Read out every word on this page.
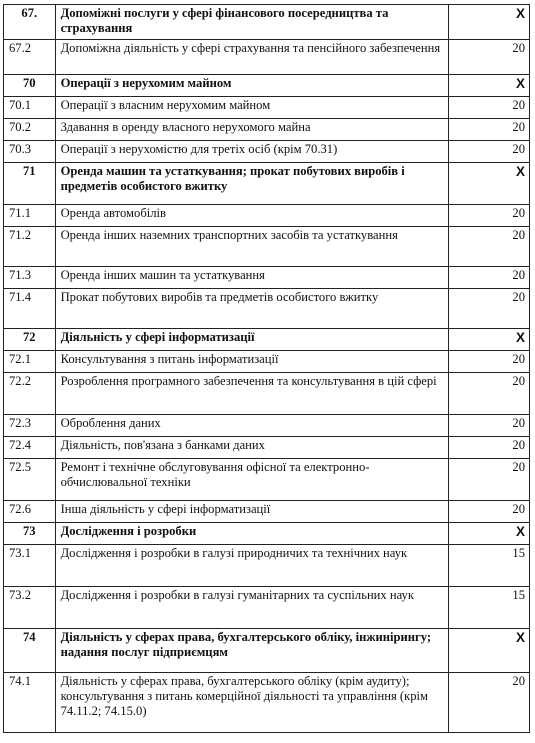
67.	Допоміжні послуги у сфері фінансового посередництва та страхування	X
67.2	Допоміжна діяльність у сфері страхування та пенсійного забезпечення	20
70	Операції з нерухомим майном	X
70.1	Операції з власним нерухомим майном	20
70.2	Здавання в оренду власного нерухомого майна	20
70.3	Операції з нерухомістю для третіх осіб (крім 70.31)	20
71	Оренда машин та устаткування; прокат побутових виробів і предметів особистого вжитку	X
71.1	Оренда автомобілів	20
71.2	Оренда інших наземних транспортних засобів та устаткування	20
71.3	Оренда інших машин та устаткування	20
71.4	Прокат побутових виробів та предметів особистого вжитку	20
72	Діяльність у сфері інформатизації	X
72.1	Консультування з питань інформатизації	20
72.2	Розроблення програмного забезпечення та консультування в цій сфері	20
72.3	Оброблення даних	20
72.4	Діяльність, пов'язана з банками даних	20
72.5	Ремонт і технічне обслуговування офісної та електронно-обчислювальної техніки	20
72.6	Інша діяльність у сфері інформатизації	20
73	Дослідження і розробки	X
73.1	Дослідження і розробки в галузі природничих та технічних наук	15
73.2	Дослідження і розробки в галузі гуманітарних та суспільних наук	15
74	Діяльність у сферах права, бухгалтерського обліку, інжинірингу; надання послуг підприємцям	X
74.1	Діяльність у сферах права, бухгалтерського обліку (крім аудиту); консультування з питань комерційної діяльності та управління (крім 74.11.2; 74.15.0)	20
